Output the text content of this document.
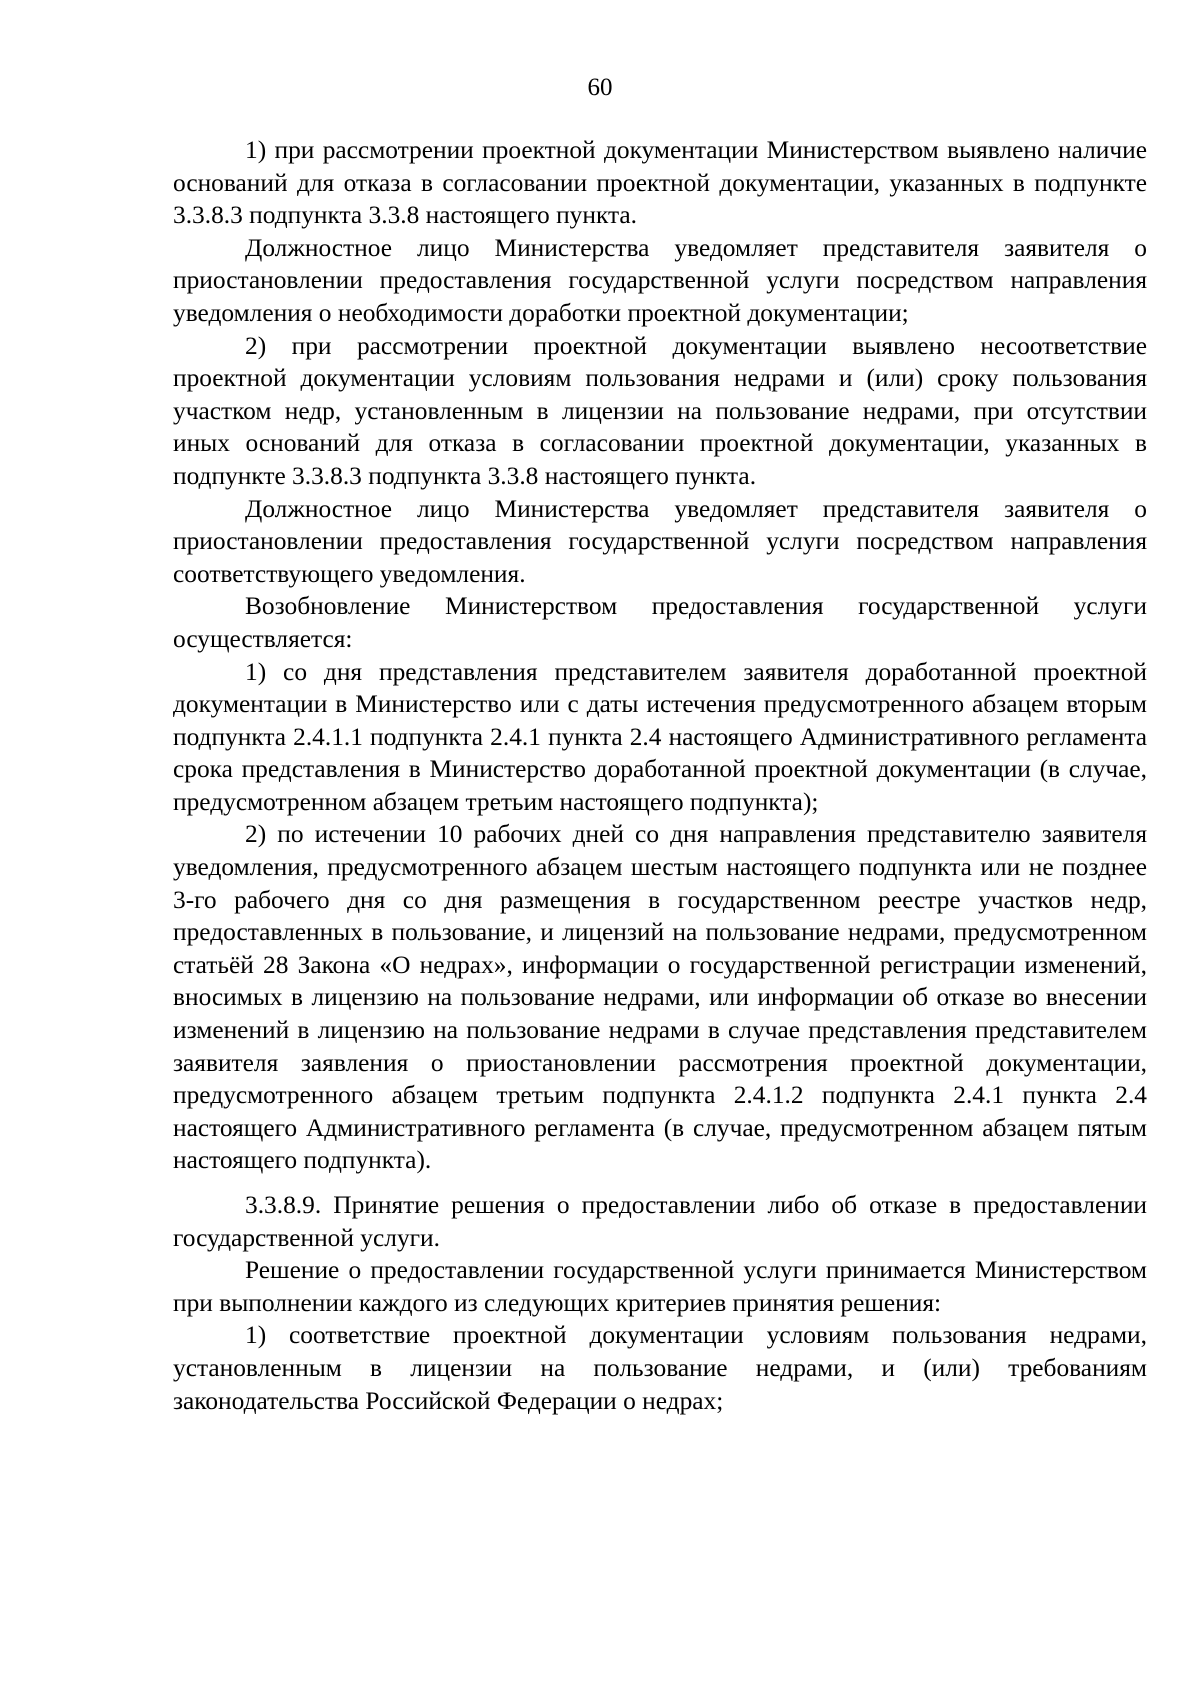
60

1) при рассмотрении проектной документации Министерством выявлено наличие оснований для отказа в согласовании проектной документации, указанных в подпункте 3.3.8.3 подпункта 3.3.8 настоящего пункта.

Должностное лицо Министерства уведомляет представителя заявителя о приостановлении предоставления государственной услуги посредством направления уведомления о необходимости доработки проектной документации;

2) при рассмотрении проектной документации выявлено несоответствие проектной документации условиям пользования недрами и (или) сроку пользования участком недр, установленным в лицензии на пользование недрами, при отсутствии иных оснований для отказа в согласовании проектной документации, указанных в подпункте 3.3.8.3 подпункта 3.3.8 настоящего пункта.

Должностное лицо Министерства уведомляет представителя заявителя о приостановлении предоставления государственной услуги посредством направления соответствующего уведомления.

Возобновление Министерством предоставления государственной услуги осуществляется:

1) со дня представления представителем заявителя доработанной проектной документации в Министерство или с даты истечения предусмотренного абзацем вторым подпункта 2.4.1.1 подпункта 2.4.1 пункта 2.4 настоящего Административного регламента срока представления в Министерство доработанной проектной документации (в случае, предусмотренном абзацем третьим настоящего подпункта);

2) по истечении 10 рабочих дней со дня направления представителю заявителя уведомления, предусмотренного абзацем шестым настоящего подпункта или не позднее 3-го рабочего дня со дня размещения в государственном реестре участков недр, предоставленных в пользование, и лицензий на пользование недрами, предусмотренном статьёй 28 Закона «О недрах», информации о государственной регистрации изменений, вносимых в лицензию на пользование недрами, или информации об отказе во внесении изменений в лицензию на пользование недрами в случае представления представителем заявителя заявления о приостановлении рассмотрения проектной документации, предусмотренного абзацем третьим подпункта 2.4.1.2 подпункта 2.4.1 пункта 2.4 настоящего Административного регламента (в случае, предусмотренном абзацем пятым настоящего подпункта).

3.3.8.9. Принятие решения о предоставлении либо об отказе в предоставлении государственной услуги.

Решение о предоставлении государственной услуги принимается Министерством при выполнении каждого из следующих критериев принятия решения:

1) соответствие проектной документации условиям пользования недрами, установленным в лицензии на пользование недрами, и (или) требованиям законодательства Российской Федерации о недрах;
